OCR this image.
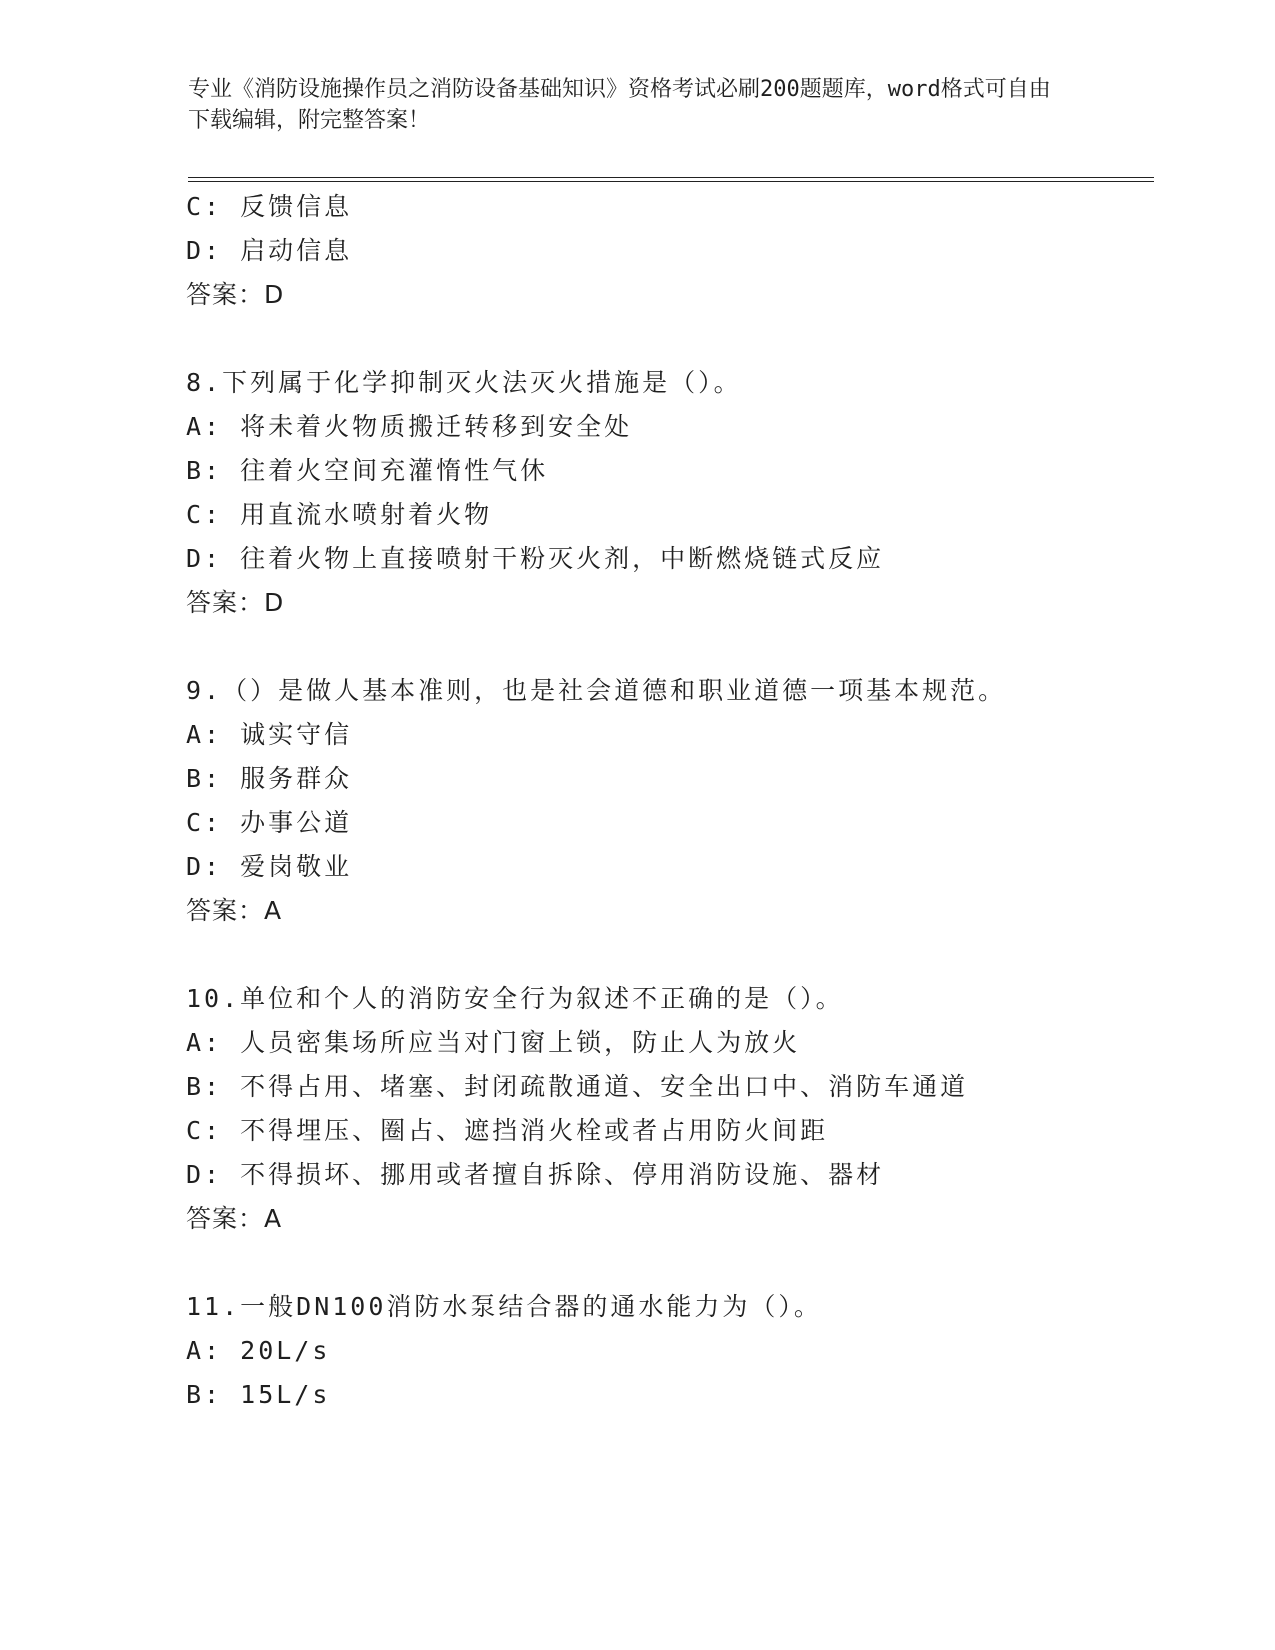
专业《消防设施操作员之消防设备基础知识》资格考试必刷200题题库，word格式可自由下载编辑，附完整答案！
C: 反馈信息
D: 启动信息
答案：D
8.下列属于化学抑制灭火法灭火措施是（）。
A: 将未着火物质搬迁转移到安全处
B: 往着火空间充灌惰性气休
C: 用直流水喷射着火物
D: 往着火物上直接喷射干粉灭火剂，中断燃烧链式反应
答案：D
9.（）是做人基本准则，也是社会道德和职业道德一项基本规范。
A: 诚实守信
B: 服务群众
C: 办事公道
D: 爱岗敬业
答案：A
10.单位和个人的消防安全行为叙述不正确的是（）。
A: 人员密集场所应当对门窗上锁，防止人为放火
B: 不得占用、堵塞、封闭疏散通道、安全出口中、消防车通道
C: 不得埋压、圈占、遮挡消火栓或者占用防火间距
D: 不得损坏、挪用或者擅自拆除、停用消防设施、器材
答案：A
11.一般DN100消防水泵结合器的通水能力为（）。
A: 20L/s
B: 15L/s
